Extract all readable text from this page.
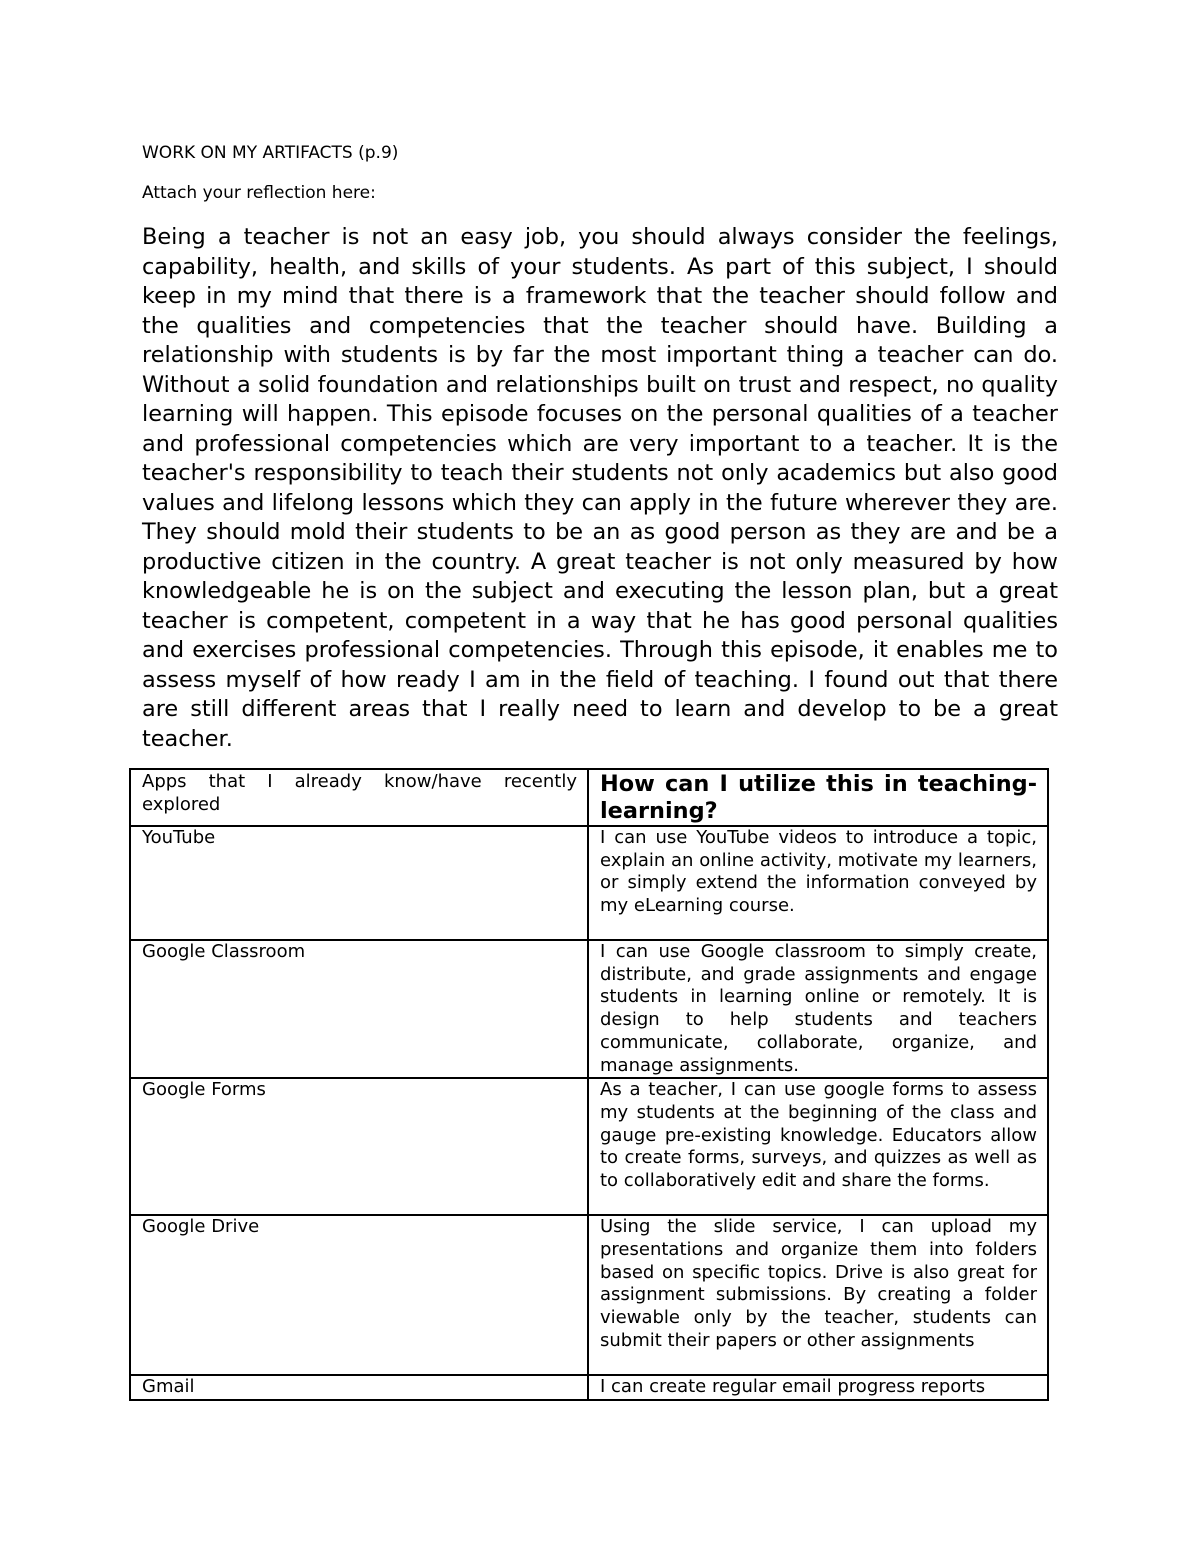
WORK ON MY ARTIFACTS (p.9)
Attach your reflection here:

Being a teacher is not an easy job, you should always consider the feelings, capability, health, and skills of your students. As part of this subject, I should keep in my mind that there is a framework that the teacher should follow and the qualities and competencies that the teacher should have. Building a relationship with students is by far the most important thing a teacher can do. Without a solid foundation and relationships built on trust and respect, no quality learning will happen. This episode focuses on the personal qualities of a teacher and professional competencies which are very important to a teacher. It is the teacher's responsibility to teach their students not only academics but also good values and lifelong lessons which they can apply in the future wherever they are. They should mold their students to be an as good person as they are and be a productive citizen in the country. A great teacher is not only measured by how knowledgeable he is on the subject and executing the lesson plan, but a great teacher is competent, competent in a way that he has good personal qualities and exercises professional competencies. Through this episode, it enables me to assess myself of how ready I am in the field of teaching. I found out that there are still different areas that I really need to learn and develop to be a great teacher.

Apps that I already know/have recently explored	How can I utilize this in teaching-learning?
YouTube	I can use YouTube videos to introduce a topic, explain an online activity, motivate my learners, or simply extend the information conveyed by my eLearning course.
Google Classroom	I can use Google classroom to simply create, distribute, and grade assignments and engage students in learning online or remotely. It is design to help students and teachers communicate, collaborate, organize, and manage assignments.
Google Forms	As a teacher, I can use google forms to assess my students at the beginning of the class and gauge pre-existing knowledge. Educators allow to create forms, surveys, and quizzes as well as to collaboratively edit and share the forms.
Google Drive	Using the slide service, I can upload my presentations and organize them into folders based on specific topics. Drive is also great for assignment submissions. By creating a folder viewable only by the teacher, students can submit their papers or other assignments
Gmail	I can create regular email progress reports
